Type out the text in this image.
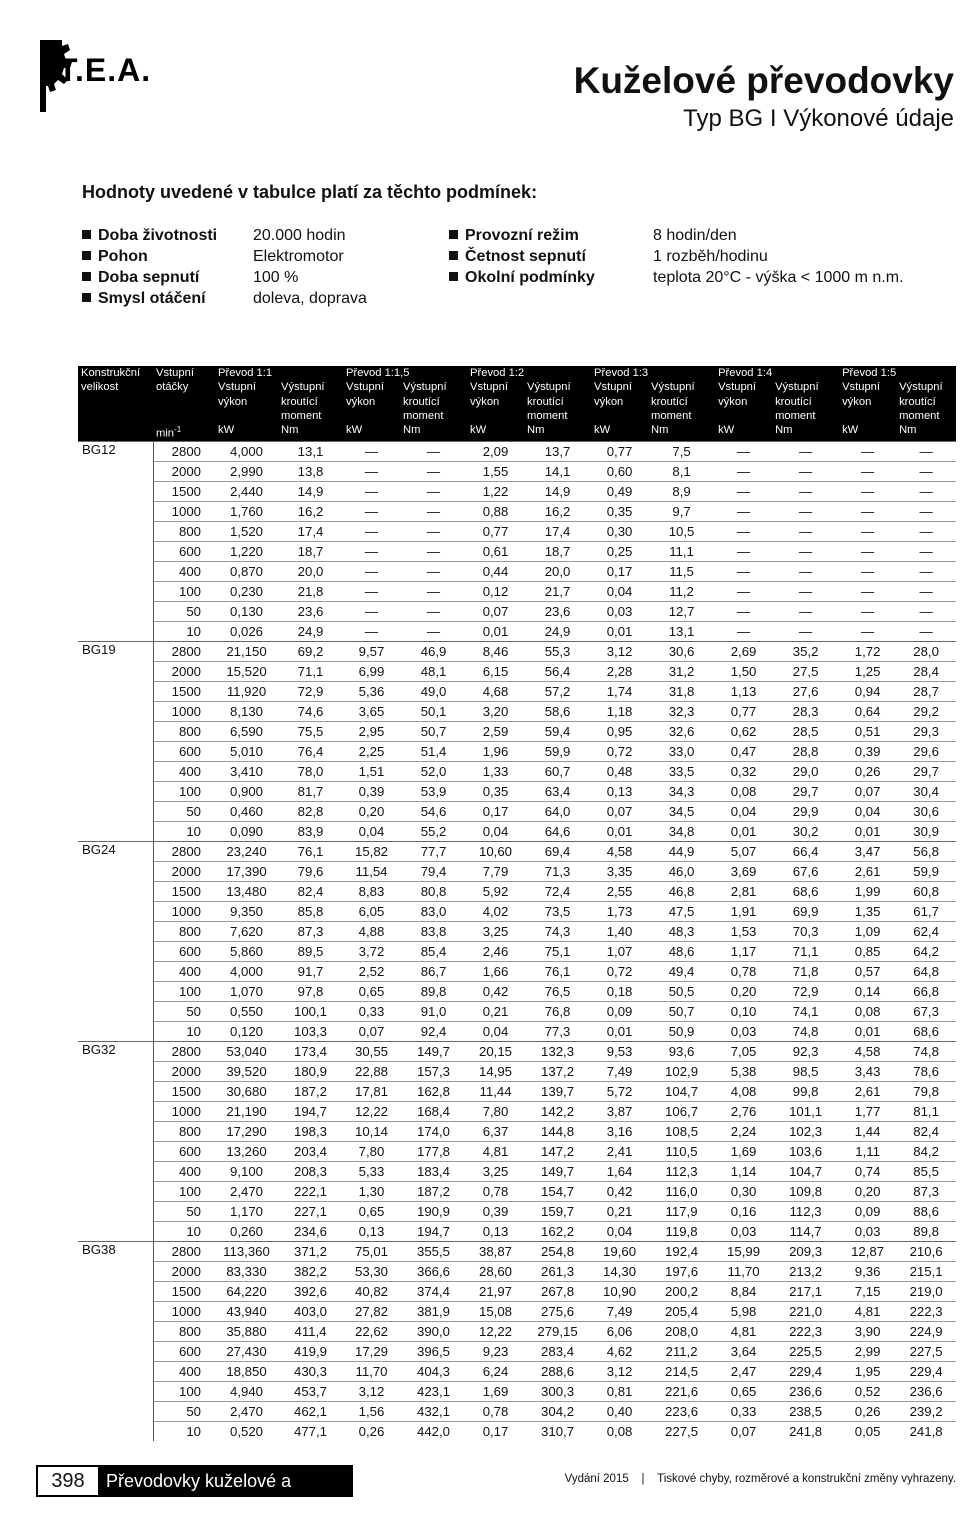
T.E.A.	Kuželové převodovky
Typ BG I Výkonové údaje
Hodnoty uvedené v tabulce platí za těchto podmínek:
Doba životnosti 20.000 hodin
Pohon	Elektromotor
Doba sepnutí	100 %
Smysl otáčení	doleva, doprava
Provozní režim	8 hodin/den
Četnost sepnutí	1 rozběh/hodinu
Okolní podmínky	teplota 20°C - výška < 1000 m n.m.
Konstrukční	Vstupní	Převod 1:1		Převod 1:1,5		Převod 1:2		Převod 1:3		Převod 1:4		Převod 1:5	
velikost	otáčky	Vstupní	Výstupní	Vstupní	Výstupní	Vstupní	Výstupní	Vstupní	Výstupní	Vstupní	Výstupní	Vstupní	Výstupní
		výkon	kroutící	výkon	kroutící	výkon	kroutící	výkon	kroutící	výkon	kroutící	výkon	kroutící
			moment		moment		moment		moment		moment		moment
	$\min^{-1}$	kW	Nm	kW	Nm	kW	Nm	kW	Nm	kW	Nm	kW	Nm
BG12	2800	4,000	13,1	—	—	2,09	13,7	0,77	7,5	—	—	—	—
	2000	2,990	13,8	—	—	1,55	14,1	0,60	8,1	—	—	—	—
	1500	2,440	14,9	—	—	1,22	14,9	0,49	8,9	—	—	—	—
	1000	1,760	16,2	—	—	0,88	16,2	0,35	9,7	—	—	—	—
	800	1,520	17,4	—	—	0,77	17,4	0,30	10,5	—	—	—	—
	600	1,220	18,7	—	—	0,61	18,7	0,25	11,1	—	—	—	—
	400	0,870	20,0	—	—	0,44	20,0	0,17	11,5	—	—	—	—
	100	0,230	21,8	—	—	0,12	21,7	0,04	11,2	—	—	—	—
	50	0,130	23,6	—	—	0,07	23,6	0,03	12,7	—	—	—	—
	10	0,026	24,9	—	—	0,01	24,9	0,01	13,1	—	—	—	—
BG19	2800	21,150	69,2	9,57	46,9	8,46	55,3	3,12	30,6	2,69	35,2	1,72	28,0
	2000	15,520	71,1	6,99	48,1	6,15	56,4	2,28	31,2	1,50	27,5	1,25	28,4
	1500	11,920	72,9	5,36	49,0	4,68	57,2	1,74	31,8	1,13	27,6	0,94	28,7
	1000	8,130	74,6	3,65	50,1	3,20	58,6	1,18	32,3	0,77	28,3	0,64	29,2
	800	6,590	75,5	2,95	50,7	2,59	59,4	0,95	32,6	0,62	28,5	0,51	29,3
	600	5,010	76,4	2,25	51,4	1,96	59,9	0,72	33,0	0,47	28,8	0,39	29,6
	400	3,410	78,0	1,51	52,0	1,33	60,7	0,48	33,5	0,32	29,0	0,26	29,7
	100	0,900	81,7	0,39	53,9	0,35	63,4	0,13	34,3	0,08	29,7	0,07	30,4
	50	0,460	82,8	0,20	54,6	0,17	64,0	0,07	34,5	0,04	29,9	0,04	30,6
	10	0,090	83,9	0,04	55,2	0,04	64,6	0,01	34,8	0,01	30,2	0,01	30,9
BG24	2800	23,240	76,1	15,82	77,7	10,60	69,4	4,58	44,9	5,07	66,4	3,47	56,8
	2000	17,390	79,6	11,54	79,4	7,79	71,3	3,35	46,0	3,69	67,6	2,61	59,9
	1500	13,480	82,4	8,83	80,8	5,92	72,4	2,55	46,8	2,81	68,6	1,99	60,8
	1000	9,350	85,8	6,05	83,0	4,02	73,5	1,73	47,5	1,91	69,9	1,35	61,7
	800	7,620	87,3	4,88	83,8	3,25	74,3	1,40	48,3	1,53	70,3	1,09	62,4
	600	5,860	89,5	3,72	85,4	2,46	75,1	1,07	48,6	1,17	71,1	0,85	64,2
	400	4,000	91,7	2,52	86,7	1,66	76,1	0,72	49,4	0,78	71,8	0,57	64,8
	100	1,070	97,8	0,65	89,8	0,42	76,5	0,18	50,5	0,20	72,9	0,14	66,8
	50	0,550	100,1	0,33	91,0	0,21	76,8	0,09	50,7	0,10	74,1	0,08	67,3
	10	0,120	103,3	0,07	92,4	0,04	77,3	0,01	50,9	0,03	74,8	0,01	68,6
BG32	2800	53,040	173,4	30,55	149,7	20,15	132,3	9,53	93,6	7,05	92,3	4,58	74,8
	2000	39,520	180,9	22,88	157,3	14,95	137,2	7,49	102,9	5,38	98,5	3,43	78,6
	1500	30,680	187,2	17,81	162,8	11,44	139,7	5,72	104,7	4,08	99,8	2,61	79,8
	1000	21,190	194,7	12,22	168,4	7,80	142,2	3,87	106,7	2,76	101,1	1,77	81,1
	800	17,290	198,3	10,14	174,0	6,37	144,8	3,16	108,5	2,24	102,3	1,44	82,4
	600	13,260	203,4	7,80	177,8	4,81	147,2	2,41	110,5	1,69	103,6	1,11	84,2
	400	9,100	208,3	5,33	183,4	3,25	149,7	1,64	112,3	1,14	104,7	0,74	85,5
	100	2,470	222,1	1,30	187,2	0,78	154,7	0,42	116,0	0,30	109,8	0,20	87,3
	50	1,170	227,1	0,65	190,9	0,39	159,7	0,21	117,9	0,16	112,3	0,09	88,6
	10	0,260	234,6	0,13	194,7	0,13	162,2	0,04	119,8	0,03	114,7	0,03	89,8
BG38	2800	113,360	371,2	75,01	355,5	38,87	254,8	19,60	192,4	15,99	209,3	12,87	210,6
	2000	83,330	382,2	53,30	366,6	28,60	261,3	14,30	197,6	11,70	213,2	9,36	215,1
	1500	64,220	392,6	40,82	374,4	21,97	267,8	10,90	200,2	8,84	217,1	7,15	219,0
	1000	43,940	403,0	27,82	381,9	15,08	275,6	7,49	205,4	5,98	221,0	4,81	222,3
	800	35,880	411,4	22,62	390,0	12,22	279,15	6,06	208,0	4,81	222,3	3,90	224,9
	600	27,430	419,9	17,29	396,5	9,23	283,4	4,62	211,2	3,64	225,5	2,99	227,5
	400	18,850	430,3	11,70	404,3	6,24	288,6	3,12	214,5	2,47	229,4	1,95	229,4
	100	4,940	453,7	3,12	423,1	1,69	300,3	0,81	221,6	0,65	236,6	0,52	236,6
	50	2,470	462,1	1,56	432,1	0,78	304,2	0,40	223,6	0,33	238,5	0,26	239,2
	10	0,520	477,1	0,26	442,0	0,17	310,7	0,08	227,5	0,07	241,8	0,05	241,8
398	Převodovky kuželové a šnekové
Vydání 2015 | Tiskové chyby, rozměrové a konstrukční změny vyhrazeny.
